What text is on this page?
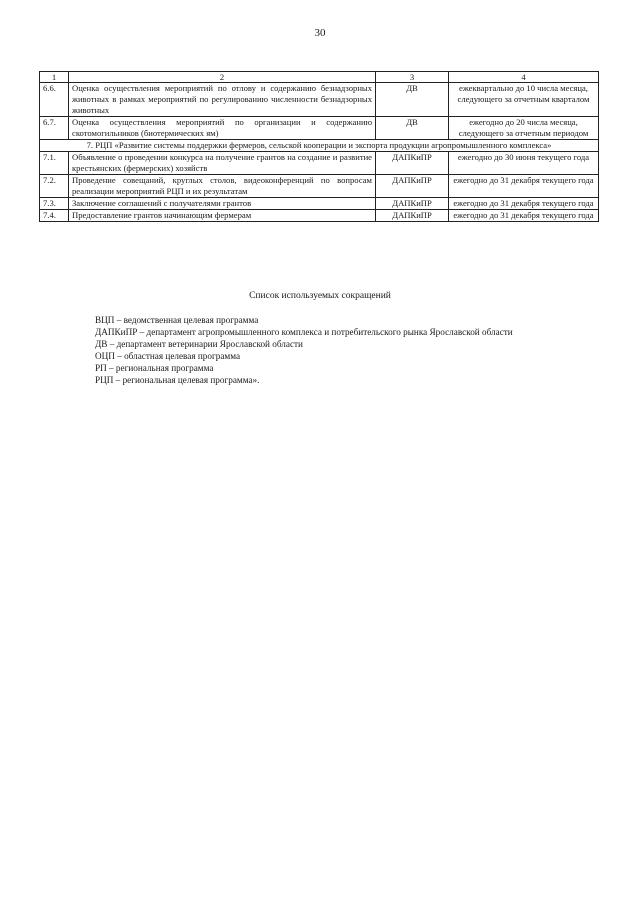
30
1	2	3	4
6.6.	Оценка осуществления мероприятий по отлову и содержанию безнадзорных животных в рамках мероприятий по регулированию численности безнадзорных животных	ДВ	ежеквартально до 10 числа месяца, следующего за отчетным кварталом
6.7.	Оценка осуществления мероприятий по организации и содержанию скотомогильников (биотермических ям)	ДВ	ежегодно до 20 числа месяца, следующего за отчетным периодом
7. РЦП «Развитие системы поддержки фермеров, сельской кооперации и экспорта продукции агропромышленного комплекса»			
7.1.	Объявление о проведении конкурса на получение грантов на создание и развитие крестьянских (фермерских) хозяйств	ДАПКиПР	ежегодно до 30 июня текущего года
7.2.	Проведение совещаний, круглых столов, видеоконференций по вопросам реализации мероприятий РЦП и их результатам	ДАПКиПР	ежегодно до 31 декабря текущего года
7.3.	Заключение соглашений с получателями грантов	ДАПКиПР	ежегодно до 31 декабря текущего года
7.4.	Предоставление грантов начинающим фермерам	ДАПКиПР	ежегодно до 31 декабря текущего года
Список используемых сокращений
ВЦП – ведомственная целевая программа
ДАПКиПР – департамент агропромышленного комплекса и потребительского рынка Ярославской области
ДВ – департамент ветеринарии Ярославской области
ОЦП – областная целевая программа
РП – региональная программа
РЦП – региональная целевая программа».
